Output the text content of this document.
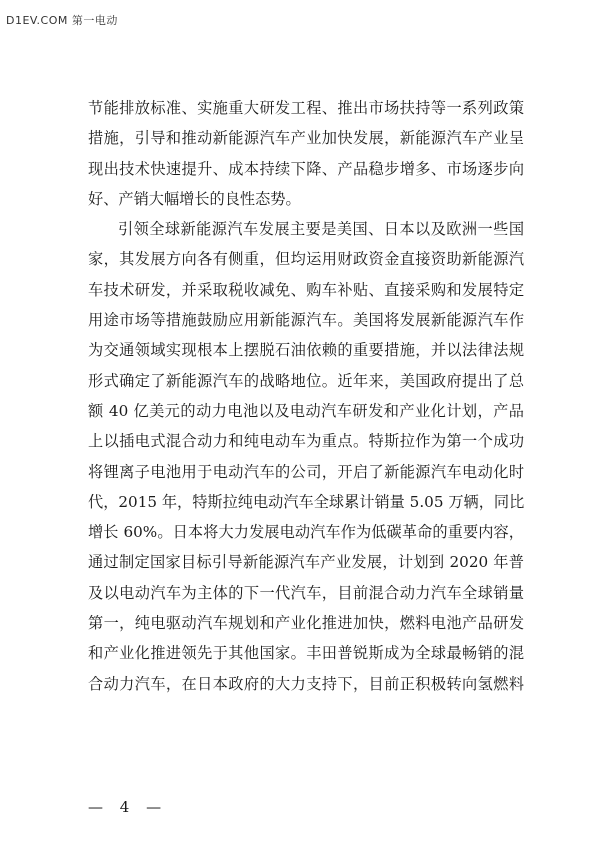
D1EV.COM 第一电动
节能排放标准、实施重大研发工程、推出市场扶持等一系列政策
措施，引导和推动新能源汽车产业加快发展，新能源汽车产业呈
现出技术快速提升、成本持续下降、产品稳步增多、市场逐步向
好、产销大幅增长的良性态势。
引领全球新能源汽车发展主要是美国、日本以及欧洲一些国
家，其发展方向各有侧重，但均运用财政资金直接资助新能源汽
车技术研发，并采取税收减免、购车补贴、直接采购和发展特定
用途市场等措施鼓励应用新能源汽车。美国将发展新能源汽车作
为交通领域实现根本上摆脱石油依赖的重要措施，并以法律法规
形式确定了新能源汽车的战略地位。近年来，美国政府提出了总
额 40 亿美元的动力电池以及电动汽车研发和产业化计划，产品
上以插电式混合动力和纯电动车为重点。特斯拉作为第一个成功
将锂离子电池用于电动汽车的公司，开启了新能源汽车电动化时
代，2015 年，特斯拉纯电动汽车全球累计销量 5.05 万辆，同比
增长 60%。日本将大力发展电动汽车作为低碳革命的重要内容，
通过制定国家目标引导新能源汽车产业发展，计划到 2020 年普
及以电动汽车为主体的下一代汽车，目前混合动力汽车全球销量
第一，纯电驱动汽车规划和产业化推进加快，燃料电池产品研发
和产业化推进领先于其他国家。丰田普锐斯成为全球最畅销的混
合动力汽车，在日本政府的大力支持下，目前正积极转向氢燃料
— 4 —
